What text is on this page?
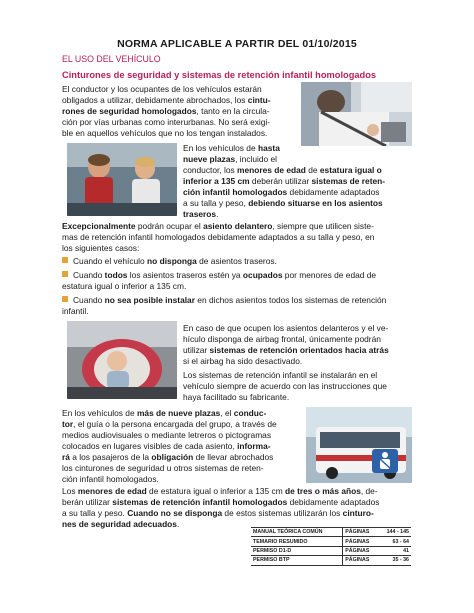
NORMA APLICABLE A PARTIR DEL 01/10/2015
EL USO DEL VEHÍCULO
Cinturones de seguridad y sistemas de retención infantil homologados
El conductor y los ocupantes de los vehículos estarán
obligados a utilizar, debidamente abrochados, los cintu-
rones de seguridad homologados, tanto en la circula-
ción por vías urbanas como interurbanas. No será exigi-
ble en aquellos vehículos que no los tengan instalados.
En los vehículos de hasta
nueve plazas, incluido el
conductor, los menores de edad de estatura igual o
inferior a 135 cm deberán utilizar sistemas de reten-
ción infantil homologados debidamente adaptados
a su talla y peso, debiendo situarse en los asientos
traseros.
Excepcionalmente podrán ocupar el asiento delantero, siempre que utilicen siste-
mas de retención infantil homologados debidamente adaptados a su talla y peso, en
los siguientes casos:
Cuando el vehículo no disponga de asientos traseros.
Cuando todos los asientos traseros estén ya ocupados por menores de edad de
estatura igual o inferior a 135 cm.
Cuando no sea posible instalar en dichos asientos todos los sistemas de retención
infantil.
En caso de que ocupen los asientos delanteros y el ve-
hículo disponga de airbag frontal, únicamente podrán
utilizar sistemas de retención orientados hacia atrás
si el airbag ha sido desactivado.
Los sistemas de retención infantil se instalarán en el
vehículo siempre de acuerdo con las instrucciones que
haya facilitado su fabricante.
En los vehículos de más de nueve plazas, el conduc-
tor, el guía o la persona encargada del grupo, a través de
medios audiovisuales o mediante letreros o pictogramas
colocados en lugares visibles de cada asiento, informa-
rá a los pasajeros de la obligación de llevar abrochados
los cinturones de seguridad u otros sistemas de reten-
ción infantil homologados.
Los menores de edad de estatura igual o inferior a 135 cm de tres o más años, de-
berán utilizar sistemas de retención infantil homologados debidamente adaptados
a su talla y peso. Cuando no se disponga de estos sistemas utilizarán los cinturo-
nes de seguridad adecuados.
MANUAL TEÓRICA COMÚN	PÁGINAS	144 - 145
TEMARIO RESUMIDO	PÁGINAS	63 - 64
PERMISO D1-D	PÁGINAS	41
PERMISO BTP	PÁGINAS	35 - 36
